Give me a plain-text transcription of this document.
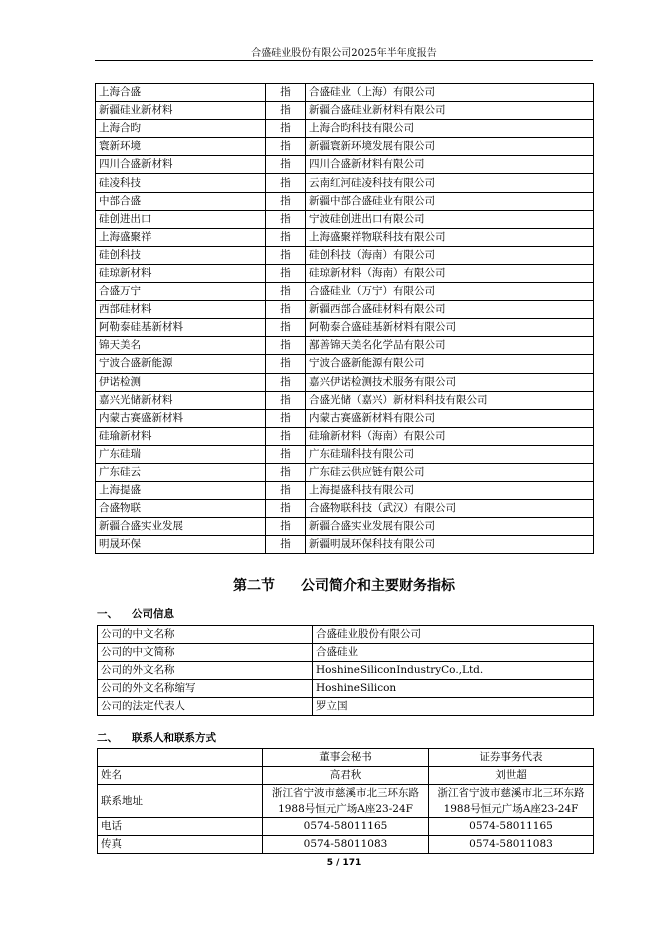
合盛硅业股份有限公司2025年半年度报告
上海合盛	指	合盛硅业（上海）有限公司
新疆硅业新材料	指	新疆合盛硅业新材料有限公司
上海合昀	指	上海合昀科技有限公司
寰新环境	指	新疆寰新环境发展有限公司
四川合盛新材料	指	四川合盛新材料有限公司
硅凌科技	指	云南红河硅凌科技有限公司
中部合盛	指	新疆中部合盛硅业有限公司
硅创进出口	指	宁波硅创进出口有限公司
上海盛聚祥	指	上海盛聚祥物联科技有限公司
硅创科技	指	硅创科技（海南）有限公司
硅琼新材料	指	硅琼新材料（海南）有限公司
合盛万宁	指	合盛硅业（万宁）有限公司
西部硅材料	指	新疆西部合盛硅材料有限公司
阿勒泰硅基新材料	指	阿勒泰合盛硅基新材料有限公司
锦天美名	指	鄯善锦天美名化学品有限公司
宁波合盛新能源	指	宁波合盛新能源有限公司
伊诺检测	指	嘉兴伊诺检测技术服务有限公司
嘉兴光储新材料	指	合盛光储（嘉兴）新材料科技有限公司
内蒙古赛盛新材料	指	内蒙古赛盛新材料有限公司
硅瑜新材料	指	硅瑜新材料（海南）有限公司
广东硅瑞	指	广东硅瑞科技有限公司
广东硅云	指	广东硅云供应链有限公司
上海提盛	指	上海提盛科技有限公司
合盛物联	指	合盛物联科技（武汉）有限公司
新疆合盛实业发展	指	新疆合盛实业发展有限公司
明晟环保	指	新疆明晟环保科技有限公司
第二节 公司简介和主要财务指标
一、 公司信息
公司的中文名称	合盛硅业股份有限公司
公司的中文简称	合盛硅业
公司的外文名称	HoshineSiliconIndustryCo.,Ltd.
公司的外文名称缩写	HoshineSilicon
公司的法定代表人	罗立国
二、 联系人和联系方式
	董事会秘书	证券事务代表
姓名	高君秋	刘世超
联系地址	浙江省宁波市慈溪市北三环东路1988号恒元广场A座23-24F	浙江省宁波市慈溪市北三环东路1988号恒元广场A座23-24F
电话	0574-58011165	0574-58011165
传真	0574-58011083	0574-58011083
5 / 171
